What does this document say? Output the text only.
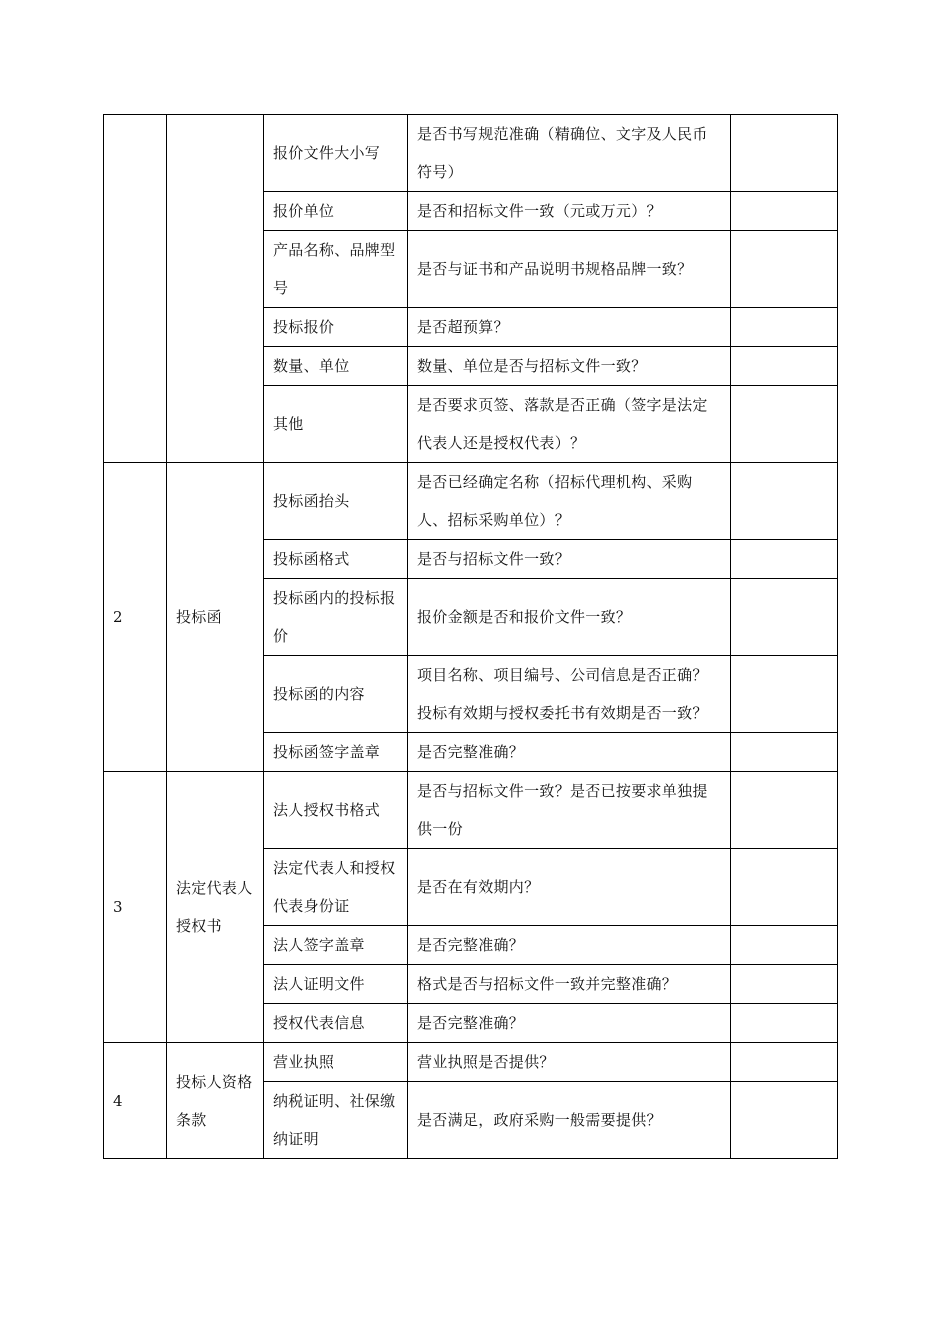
		报价文件大小写	是否书写规范准确（精确位、文字及人民币符号）	
		报价单位	是否和招标文件一致（元或万元）？	
		产品名称、品牌型号	是否与证书和产品说明书规格品牌一致？	
		投标报价	是否超预算？	
		数量、单位	数量、单位是否与招标文件一致？	
		其他	是否要求页签、落款是否正确（签字是法定代表人还是授权代表）？	
2	投标函	投标函抬头	是否已经确定名称（招标代理机构、采购人、招标采购单位）？	
		投标函格式	是否与招标文件一致？	
		投标函内的投标报价	报价金额是否和报价文件一致？	
		投标函的内容	项目名称、项目编号、公司信息是否正确？投标有效期与授权委托书有效期是否一致？	
		投标函签字盖章	是否完整准确？	
3	法定代表人授权书	法人授权书格式	是否与招标文件一致？是否已按要求单独提供一份	
		法定代表人和授权代表身份证	是否在有效期内？	
		法人签字盖章	是否完整准确？	
		法人证明文件	格式是否与招标文件一致并完整准确？	
		授权代表信息	是否完整准确？	
4	投标人资格条款	营业执照	营业执照是否提供？	
		纳税证明、社保缴纳证明	是否满足，政府采购一般需要提供？	
